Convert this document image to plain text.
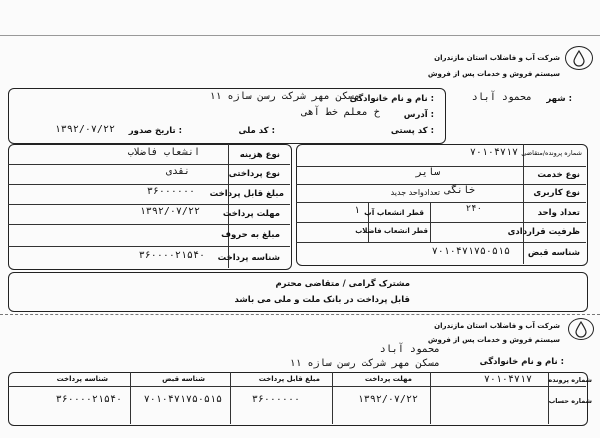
شرکت آب و فاضلاب استان مازندران
سیستم فروش و خدمات پس از فروش
شهر :
محمود آباد
نام و نام خانوادگی :
مسکن مهر شرکت رسن سازه ۱۱
آدرس :
خ معلم خط آهی
کد پستی :
کد ملی :
تاریخ صدور :
۱۳۹۲/۰۷/۲۲
شماره پرونده/متقاضی
۷۰۱۰۴۷۱۷
نوع خدمت
سایر
نوع کاربری
خانگی
تعدادواحد جدید
تعداد واحد
۲۴۰
قطر انشعاب آب
۱
ظرفیت قراردادی
قطر انشعاب فاضلاب
شناسه قبض
۷۰۱۰۴۷۱۷۵۰۵۱۵
نوع هزینه
انشعاب فاضلاب
نوع پرداختی
نقدی
مبلغ قابل پرداخت
۳۶۰۰۰۰۰۰
مهلت پرداخت
۱۳۹۲/۰۷/۲۲
مبلغ به حروف
شناسه پرداخت
۳۶۰۰۰۰۲۱۵۴۰
مشترک گرامی / متقاضی محترم
قابل پرداخت در بانک ملت و ملی می باشد
شرکت آب و فاضلاب استان مازندران
سیستم فروش و خدمات پس از فروش
محمود آباد
نام و نام خانوادگی :
مسکن مهر شرکت رسن سازه ۱۱
شماره پرونده
شماره حساب
۷۰۱۰۴۷۱۷
مهلت پرداخت
۱۳۹۲/۰۷/۲۲
مبلغ قابل پرداخت
۳۶۰۰۰۰۰۰
شناسه قبض
۷۰۱۰۴۷۱۷۵۰۵۱۵
شناسه پرداخت
۳۶۰۰۰۰۲۱۵۴۰
